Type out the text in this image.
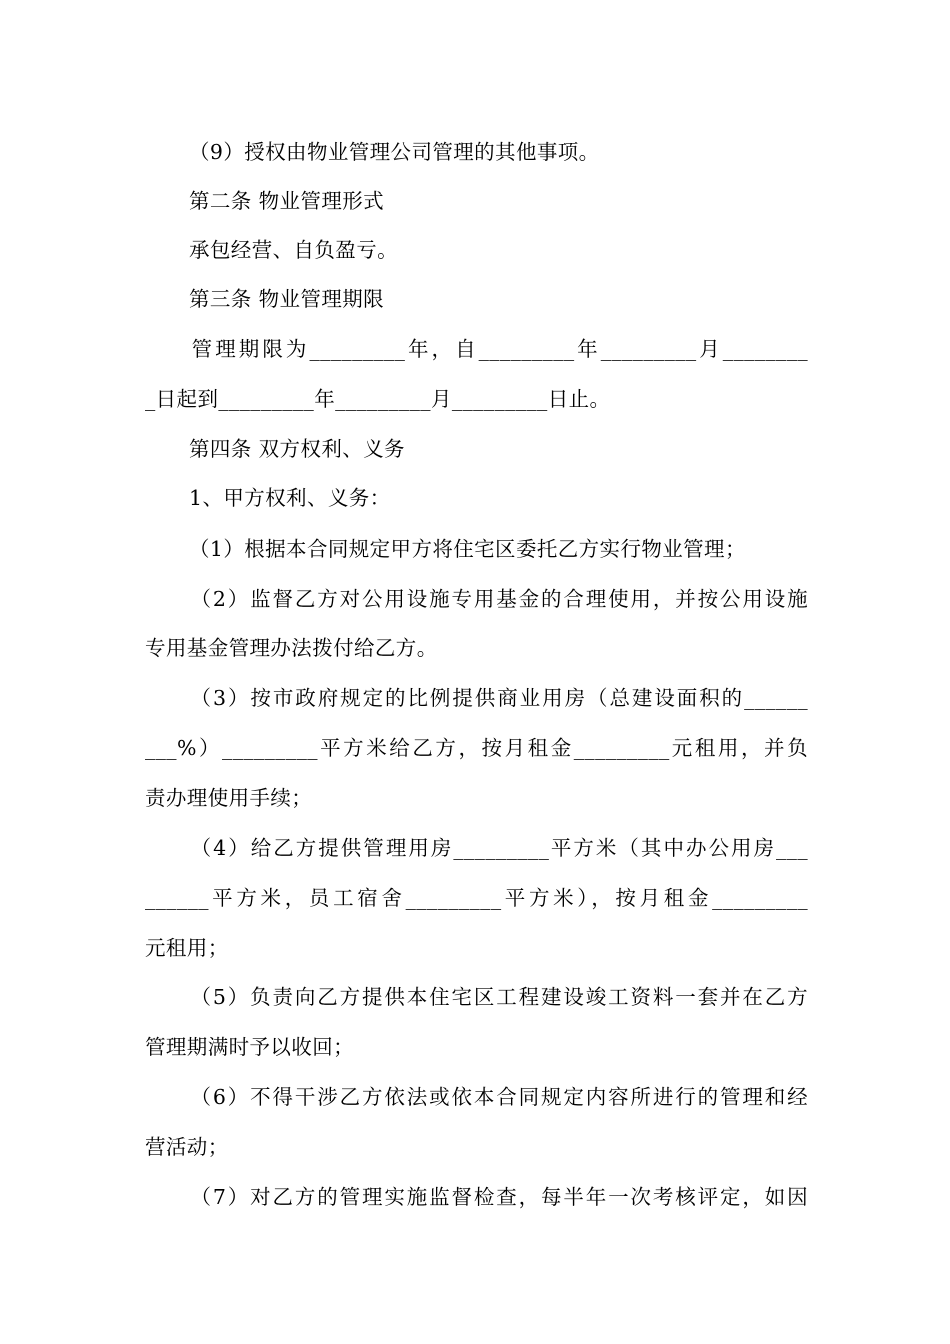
（9）授权由物业管理公司管理的其他事项。
第二条 物业管理形式
承包经营、自负盈亏。
第三条 物业管理期限
管理期限为_________年，自_________年_________月________
_日起到_________年_________月_________日止。
第四条 双方权利、义务
1、甲方权利、义务：
（1）根据本合同规定甲方将住宅区委托乙方实行物业管理；
（2）监督乙方对公用设施专用基金的合理使用，并按公用设施
专用基金管理办法拨付给乙方。
（3）按市政府规定的比例提供商业用房（总建设面积的______
___%）_________平方米给乙方，按月租金_________元租用，并负
责办理使用手续；
（4）给乙方提供管理用房_________平方米（其中办公用房___
______平方米，员工宿舍_________平方米），按月租金_________
元租用；
（5）负责向乙方提供本住宅区工程建设竣工资料一套并在乙方
管理期满时予以收回；
（6）不得干涉乙方依法或依本合同规定内容所进行的管理和经
营活动；
（7）对乙方的管理实施监督检查，每半年一次考核评定，如因
